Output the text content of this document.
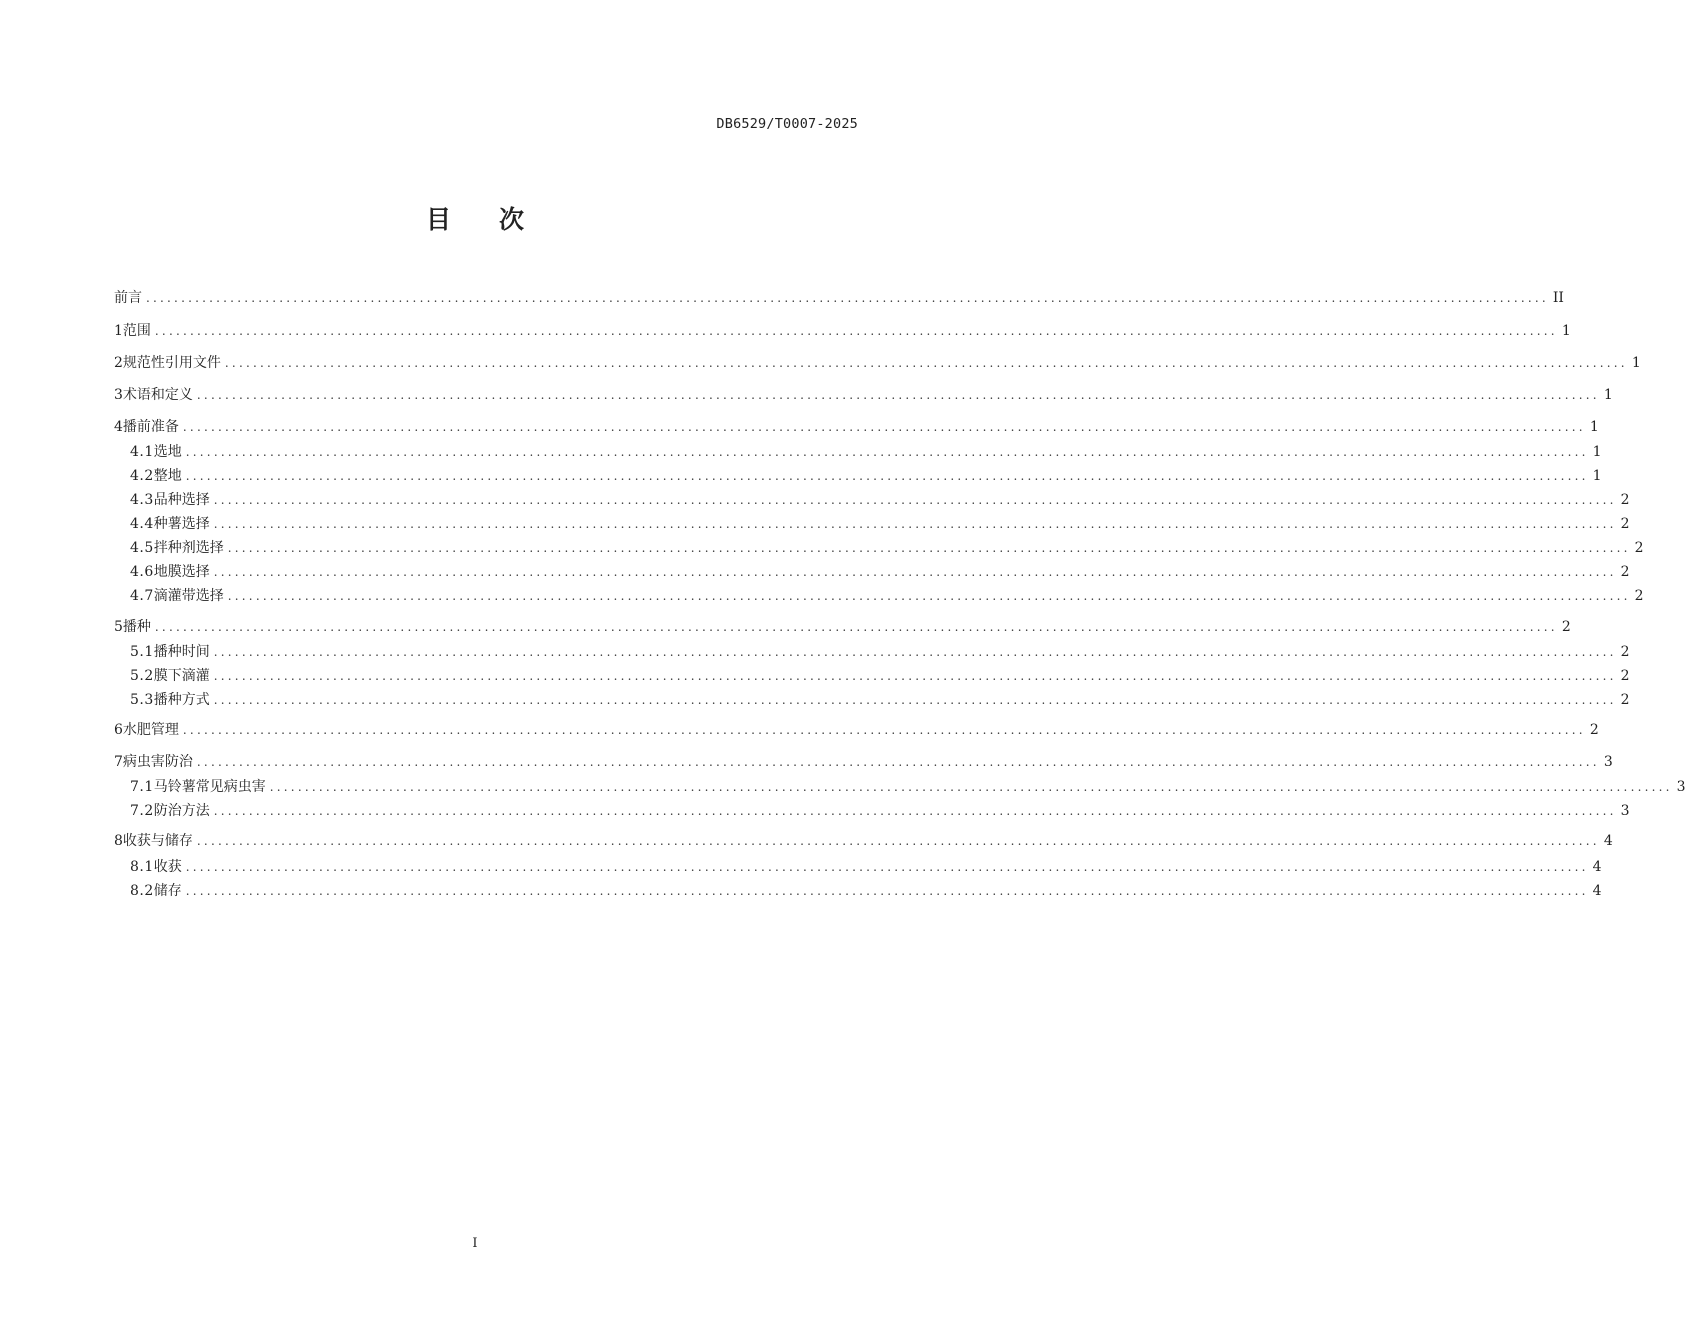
DB6529/T0007-2025
目 次
前言 ........................................................................................................................................................................................................ II
1 范围 ........................................................................................................................................................................................................ 1
2 规范性引用文件 ........................................................................................................................................................................................................ 1
3 术语和定义 ........................................................................................................................................................................................................ 1
4 播前准备 ........................................................................................................................................................................................................ 1
4.1 选地 ........................................................................................................................................................................................................ 1
4.2 整地 ........................................................................................................................................................................................................ 1
4.3 品种选择 ........................................................................................................................................................................................................ 2
4.4 种薯选择 ........................................................................................................................................................................................................ 2
4.5 拌种剂选择 ........................................................................................................................................................................................................ 2
4.6 地膜选择 ........................................................................................................................................................................................................ 2
4.7 滴灌带选择 ........................................................................................................................................................................................................ 2
5 播种 ........................................................................................................................................................................................................ 2
5.1 播种时间 ........................................................................................................................................................................................................ 2
5.2 膜下滴灌 ........................................................................................................................................................................................................ 2
5.3 播种方式 ........................................................................................................................................................................................................ 2
6 水肥管理 ........................................................................................................................................................................................................ 2
7 病虫害防治 ........................................................................................................................................................................................................ 3
7.1 马铃薯常见病虫害 ........................................................................................................................................................................................................ 3
7.2 防治方法 ........................................................................................................................................................................................................ 3
8 收获与储存 ........................................................................................................................................................................................................ 4
8.1 收获 ........................................................................................................................................................................................................ 4
8.2 储存 ........................................................................................................................................................................................................ 4
I
